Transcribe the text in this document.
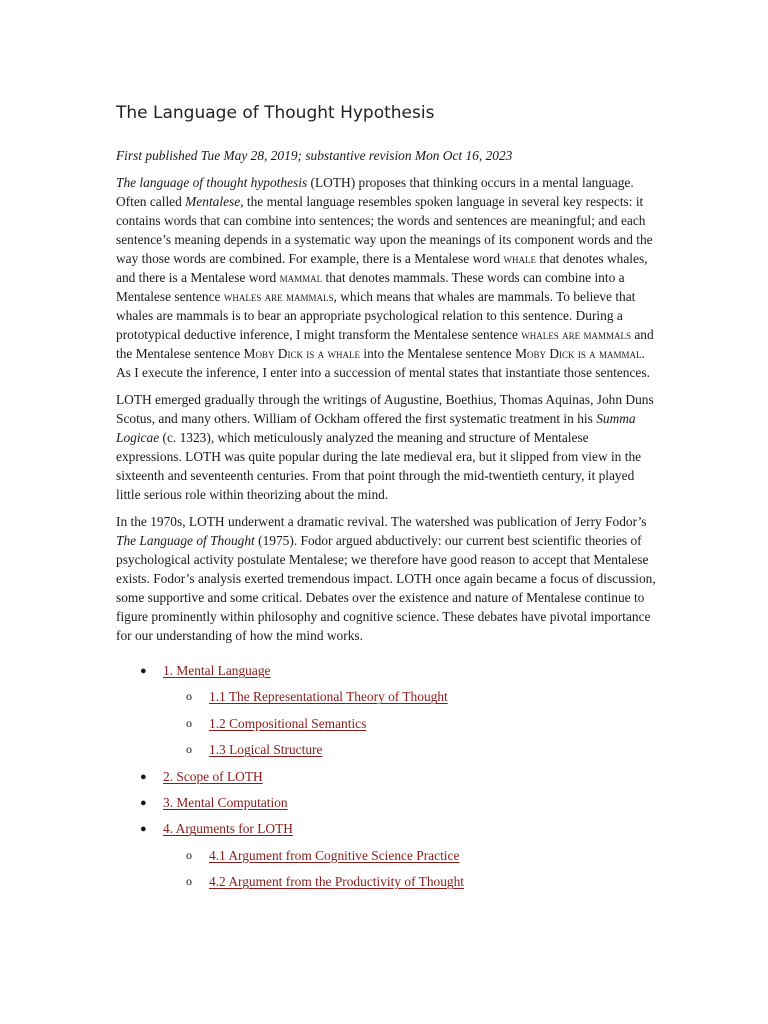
The Language of Thought Hypothesis
First published Tue May 28, 2019; substantive revision Mon Oct 16, 2023

The language of thought hypothesis (LOTH) proposes that thinking occurs in a mental language. Often called Mentalese, the mental language resembles spoken language in several key respects: it contains words that can combine into sentences; the words and sentences are meaningful; and each sentence’s meaning depends in a systematic way upon the meanings of its component words and the way those words are combined. For example, there is a Mentalese word whale that denotes whales, and there is a Mentalese word mammal that denotes mammals. These words can combine into a Mentalese sentence whales are mammals, which means that whales are mammals. To believe that whales are mammals is to bear an appropriate psychological relation to this sentence. During a prototypical deductive inference, I might transform the Mentalese sentence whales are mammals and the Mentalese sentence Moby Dick is a whale into the Mentalese sentence Moby Dick is a mammal. As I execute the inference, I enter into a succession of mental states that instantiate those sentences.

LOTH emerged gradually through the writings of Augustine, Boethius, Thomas Aquinas, John Duns Scotus, and many others. William of Ockham offered the first systematic treatment in his Summa Logicae (c. 1323), which meticulously analyzed the meaning and structure of Mentalese expressions. LOTH was quite popular during the late medieval era, but it slipped from view in the sixteenth and seventeenth centuries. From that point through the mid-twentieth century, it played little serious role within theorizing about the mind.

In the 1970s, LOTH underwent a dramatic revival. The watershed was publication of Jerry Fodor’s The Language of Thought (1975). Fodor argued abductively: our current best scientific theories of psychological activity postulate Mentalese; we therefore have good reason to accept that Mentalese exists. Fodor’s analysis exerted tremendous impact. LOTH once again became a focus of discussion, some supportive and some critical. Debates over the existence and nature of Mentalese continue to figure prominently within philosophy and cognitive science. These debates have pivotal importance for our understanding of how the mind works.

● 1. Mental Language
o 1.1 The Representational Theory of Thought
o 1.2 Compositional Semantics
o 1.3 Logical Structure
● 2. Scope of LOTH
● 3. Mental Computation
● 4. Arguments for LOTH
o 4.1 Argument from Cognitive Science Practice
o 4.2 Argument from the Productivity of Thought
